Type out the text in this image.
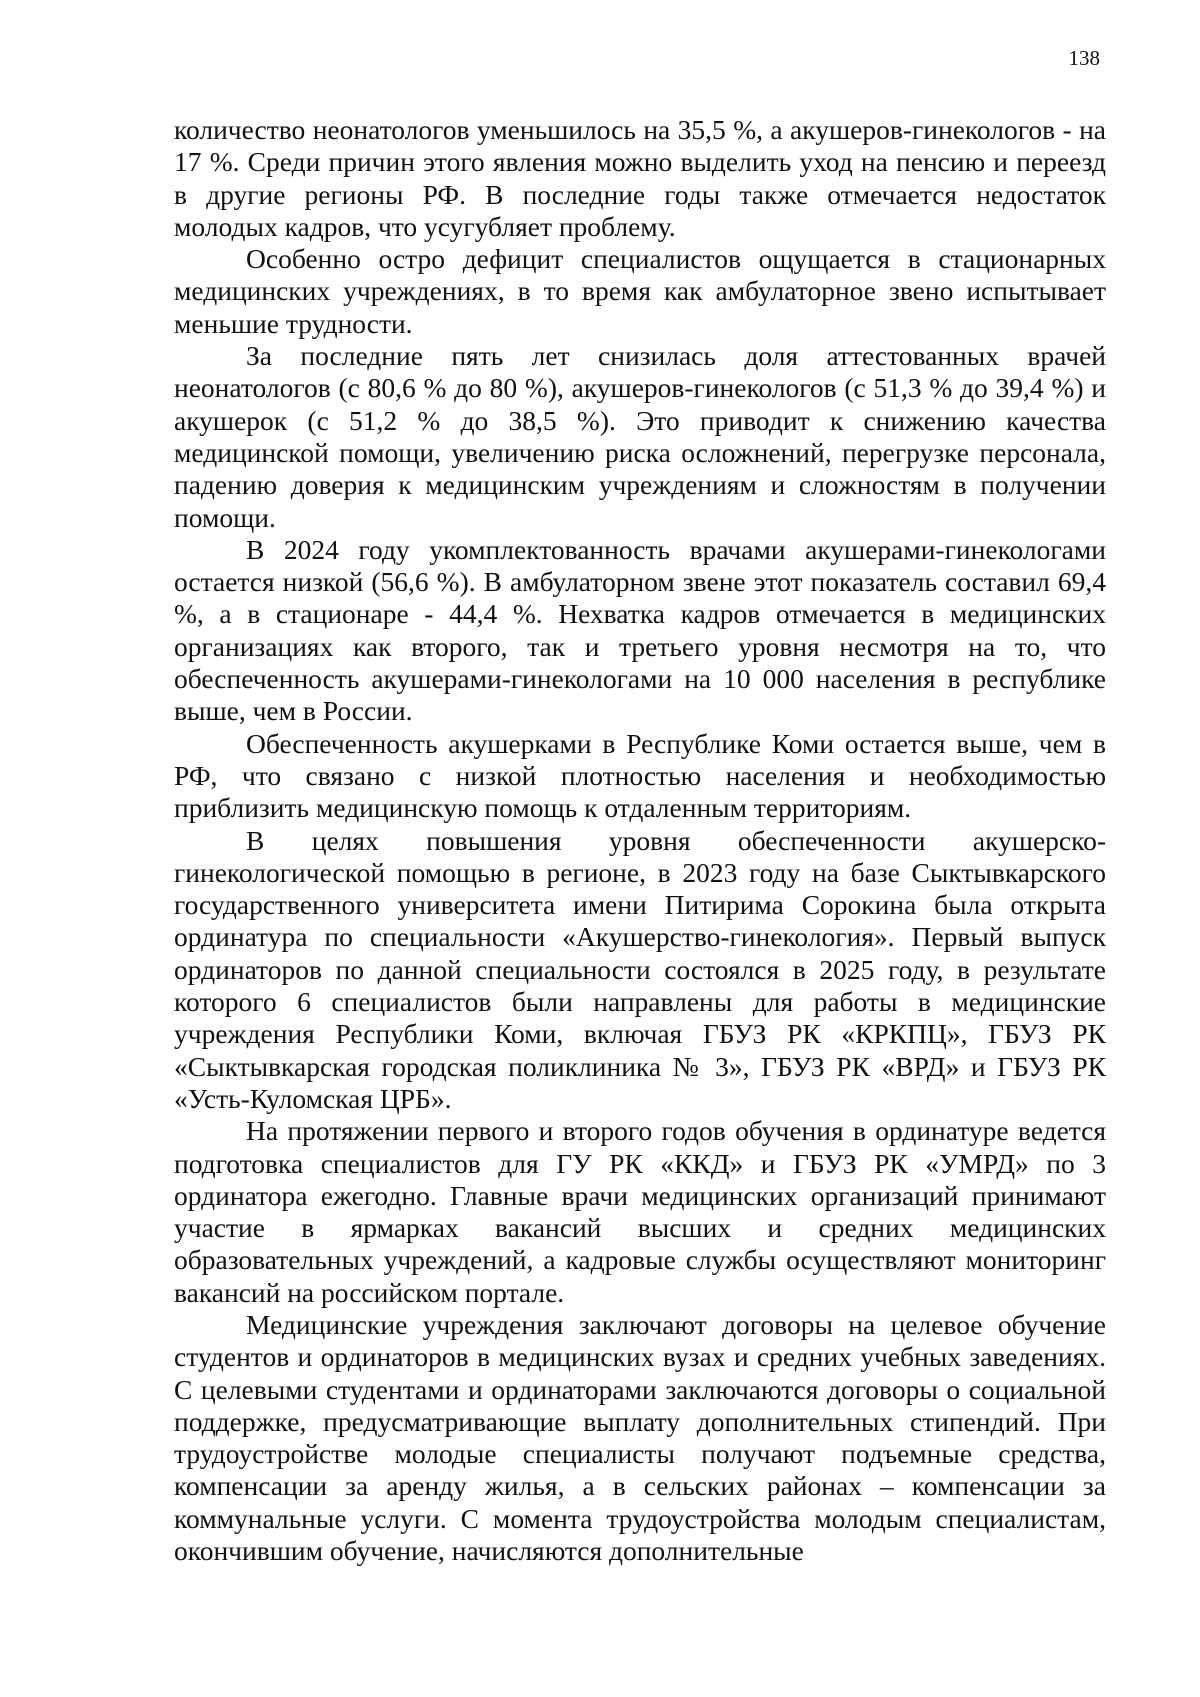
138

количество неонатологов уменьшилось на 35,5 %, а акушеров-гинекологов - на 17 %. Среди причин этого явления можно выделить уход на пенсию и переезд в другие регионы РФ. В последние годы также отмечается недостаток молодых кадров, что усугубляет проблему.

Особенно остро дефицит специалистов ощущается в стационарных медицинских учреждениях, в то время как амбулаторное звено испытывает меньшие трудности.

За последние пять лет снизилась доля аттестованных врачей неонатологов (с 80,6 % до 80 %), акушеров-гинекологов (с 51,3 % до 39,4 %) и акушерок (с 51,2 % до 38,5 %). Это приводит к снижению качества медицинской помощи, увеличению риска осложнений, перегрузке персонала, падению доверия к медицинским учреждениям и сложностям в получении помощи.

В 2024 году укомплектованность врачами акушерами-гинекологами остается низкой (56,6 %). В амбулаторном звене этот показатель составил 69,4 %, а в стационаре - 44,4 %. Нехватка кадров отмечается в медицинских организациях как второго, так и третьего уровня несмотря на то, что обеспеченность акушерами-гинекологами на 10 000 населения в республике выше, чем в России.

Обеспеченность акушерками в Республике Коми остается выше, чем в РФ, что связано с низкой плотностью населения и необходимостью приблизить медицинскую помощь к отдаленным территориям.

В целях повышения уровня обеспеченности акушерско-гинекологической помощью в регионе, в 2023 году на базе Сыктывкарского государственного университета имени Питирима Сорокина была открыта ординатура по специальности «Акушерство-гинекология». Первый выпуск ординаторов по данной специальности состоялся в 2025 году, в результате которого 6 специалистов были направлены для работы в медицинские учреждения Республики Коми, включая ГБУЗ РК «КРКПЦ», ГБУЗ РК «Сыктывкарская городская поликлиника № 3», ГБУЗ РК «ВРД» и ГБУЗ РК «Усть-Куломская ЦРБ».

На протяжении первого и второго годов обучения в ординатуре ведется подготовка специалистов для ГУ РК «ККД» и ГБУЗ РК «УМРД» по 3 ординатора ежегодно. Главные врачи медицинских организаций принимают участие в ярмарках вакансий высших и средних медицинских образовательных учреждений, а кадровые службы осуществляют мониторинг вакансий на российском портале.

Медицинские учреждения заключают договоры на целевое обучение студентов и ординаторов в медицинских вузах и средних учебных заведениях. С целевыми студентами и ординаторами заключаются договоры о социальной поддержке, предусматривающие выплату дополнительных стипендий. При трудоустройстве молодые специалисты получают подъемные средства, компенсации за аренду жилья, а в сельских районах – компенсации за коммунальные услуги. С момента трудоустройства молодым специалистам, окончившим обучение, начисляются дополнительные
